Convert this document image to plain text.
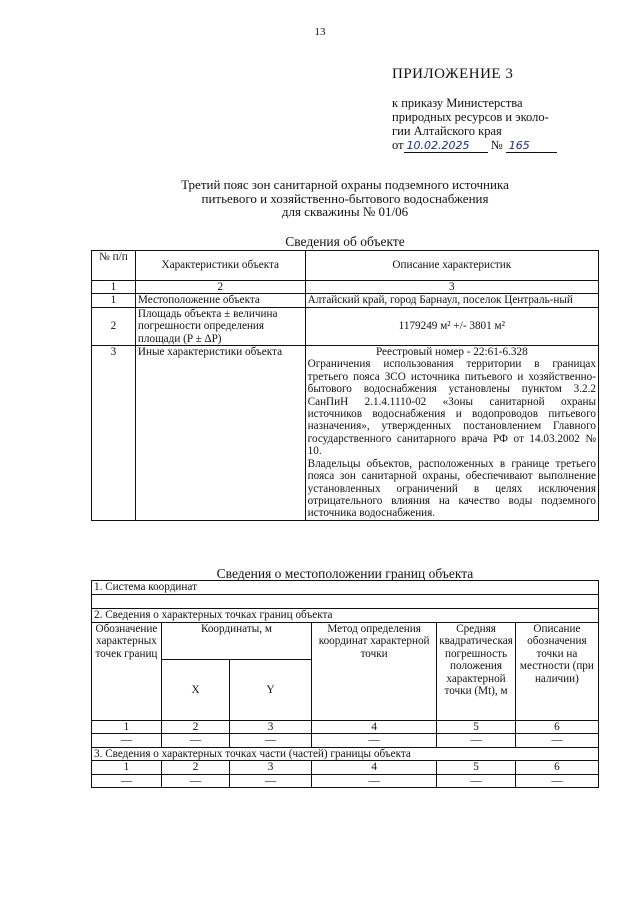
13
ПРИЛОЖЕНИЕ 3
к приказу Министерства
природных ресурсов и эколо-
гии Алтайского края
от 10.02.2025 № 165
Третий пояс зон санитарной охраны подземного источника
питьевого и хозяйственно-бытового водоснабжения
для скважины № 01/06
Сведения об объекте
№ п/п	Характеристики объекта	Описание характеристик
1	2	3
1	Местоположение объекта	Алтайский край, город Барнаул, поселок Централь-ный
2	Площадь объекта ± величина погрешности определения площади (P ± ΔP)	1179249 м² +/- 3801 м²
3	Иные характеристики объекта	Реестровый номер - 22:61-6.328
Ограничения использования территории в границах третьего пояса ЗСО источника питьевого и хозяйственно-бытового водоснабжения установлены пунктом 3.2.2 СанПиН 2.1.4.1110-02 «Зоны санитарной охраны источников водоснабжения и водопроводов питьевого назначения», утвержденных постановлением Главного государственного санитарного врача РФ от 14.03.2002 № 10.
Владельцы объектов, расположенных в границе третьего пояса зон санитарной охраны, обеспечивают выполнение установленных ограничений в целях исключения отрицательного влияния на качество воды подземного источника водоснабжения.
Сведения о местоположении границ объекта
1. Система координат					

2. Сведения о характерных точках границ объекта					
Обозначение характерных точек границ	Координаты, м		Метод определения координат характерной точки	Средняя квадратическая погрешность положения характерной точки (Mt), м	Описание обозначения точки на местности (при наличии)
	X	Y			
1	2	3	4	5	6
—	—	—	—	—	—
3. Сведения о характерных точках части (частей) границы объекта					
1	2	3	4	5	6
—	—	—	—	—	—
